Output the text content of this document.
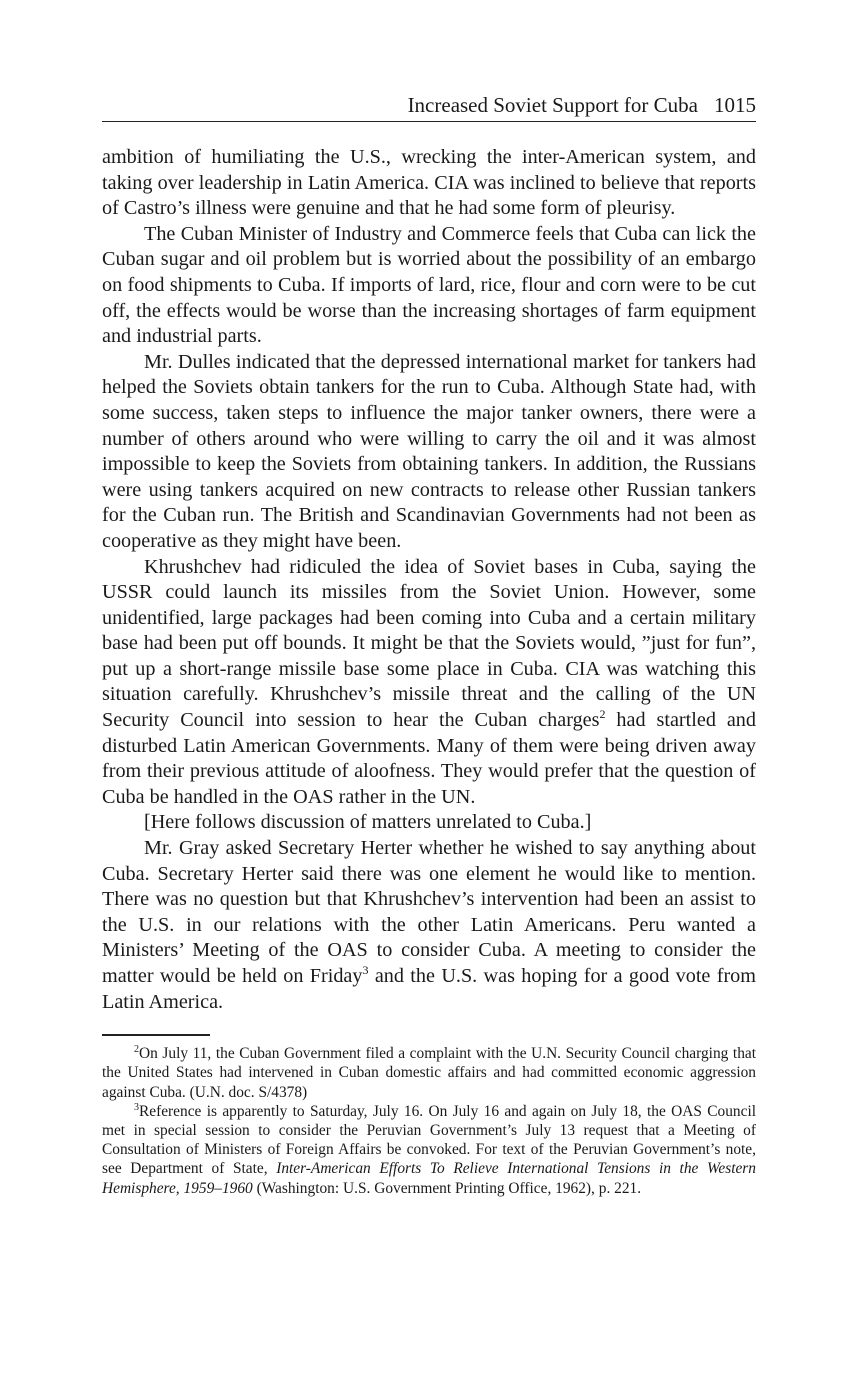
Increased Soviet Support for Cuba 1015

ambition of humiliating the U.S., wrecking the inter-American system, and taking over leadership in Latin America. CIA was inclined to believe that reports of Castro’s illness were genuine and that he had some form of pleurisy.

The Cuban Minister of Industry and Commerce feels that Cuba can lick the Cuban sugar and oil problem but is worried about the possibility of an embargo on food shipments to Cuba. If imports of lard, rice, flour and corn were to be cut off, the effects would be worse than the increasing shortages of farm equipment and industrial parts.

Mr. Dulles indicated that the depressed international market for tankers had helped the Soviets obtain tankers for the run to Cuba. Although State had, with some success, taken steps to influence the major tanker owners, there were a number of others around who were willing to carry the oil and it was almost impossible to keep the Soviets from obtaining tankers. In addition, the Russians were using tankers acquired on new contracts to release other Russian tankers for the Cuban run. The British and Scandinavian Governments had not been as cooperative as they might have been.

Khrushchev had ridiculed the idea of Soviet bases in Cuba, saying the USSR could launch its missiles from the Soviet Union. However, some unidentified, large packages had been coming into Cuba and a certain military base had been put off bounds. It might be that the Soviets would, ”just for fun”, put up a short-range missile base some place in Cuba. CIA was watching this situation carefully. Khrushchev’s missile threat and the calling of the UN Security Council into session to hear the Cuban charges$^2$ had startled and disturbed Latin American Governments. Many of them were being driven away from their previous attitude of aloofness. They would prefer that the question of Cuba be handled in the OAS rather in the UN.

[Here follows discussion of matters unrelated to Cuba.]

Mr. Gray asked Secretary Herter whether he wished to say anything about Cuba. Secretary Herter said there was one element he would like to mention. There was no question but that Khrushchev’s intervention had been an assist to the U.S. in our relations with the other Latin Americans. Peru wanted a Ministers’ Meeting of the OAS to consider Cuba. A meeting to consider the matter would be held on Friday$^3$ and the U.S. was hoping for a good vote from Latin America.

$^2$On July 11, the Cuban Government filed a complaint with the U.N. Security Council charging that the United States had intervened in Cuban domestic affairs and had committed economic aggression against Cuba. (U.N. doc. S/4378)

$^3$Reference is apparently to Saturday, July 16. On July 16 and again on July 18, the OAS Council met in special session to consider the Peruvian Government’s July 13 request that a Meeting of Consultation of Ministers of Foreign Affairs be convoked. For text of the Peruvian Government’s note, see Department of State, Inter-American Efforts To Relieve International Tensions in the Western Hemisphere, 1959–1960 (Washington: U.S. Government Printing Office, 1962), p. 221.
